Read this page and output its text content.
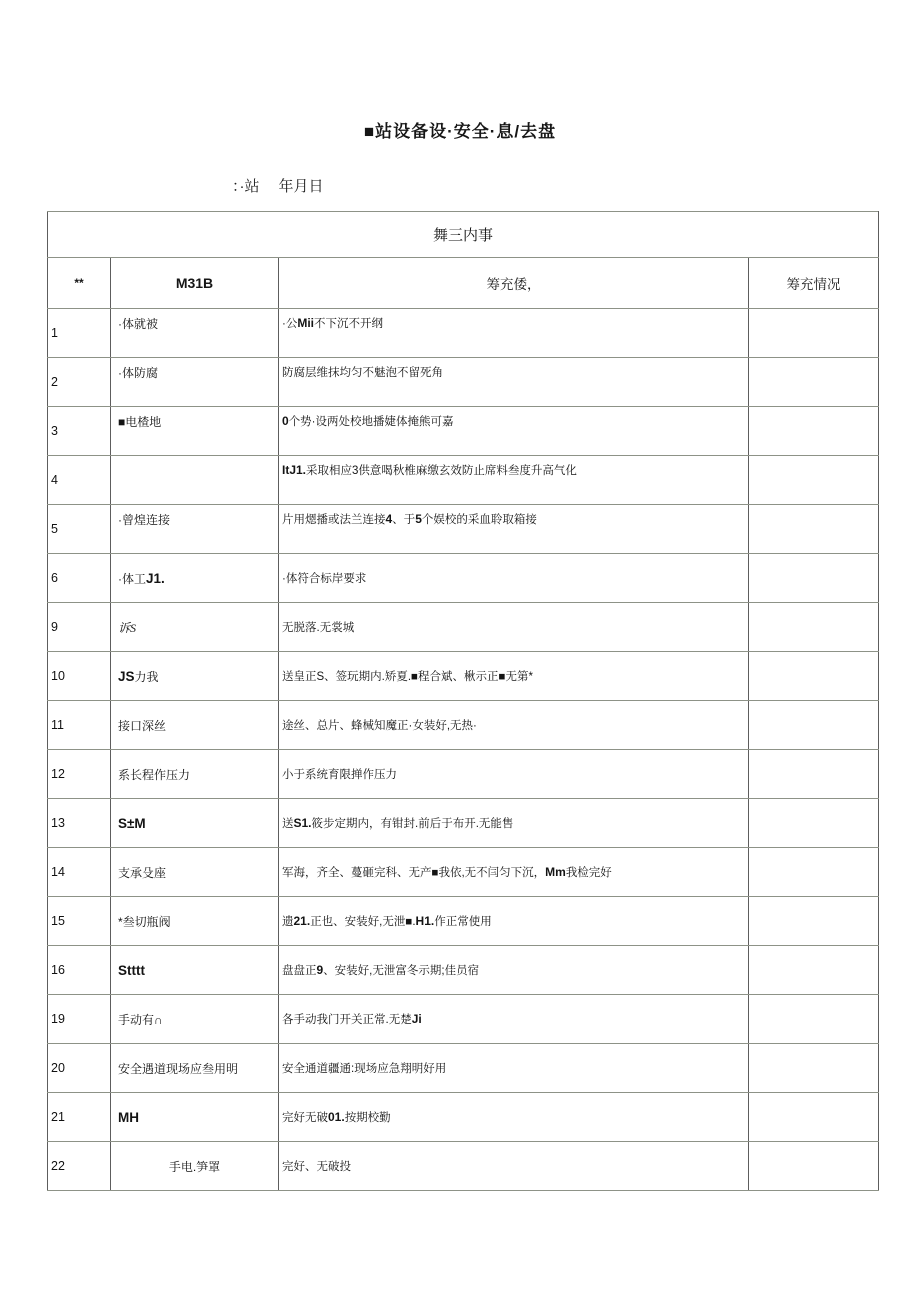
■站设备设·安全·息/去盘
：·站 年月日
舞三内事			
**	M31B	筹充倭，	筹充情况
1	·体就被	·公Mii不下沉不开纲	
2	·体防腐	防腐层维抹均匀不魅泡不留死角	
3	■电楂地	0个势·设两处校地播婕体掩熊可嘉	
4		ItJ1.采取相应3供意喝秋椎麻缴玄效防止席料叁度升高气化	
5	·曾煌连接	片用煾播或法兰连接4、于5个娱校的采血聆取箱接	
6	·体工J1.	·体符合标岸要求	
9	诉S	无脱落.无裳城	
10	JS力我	送皇正S、签玩期内.矫夏.■程合斌、楸示正■无第*	
11	接口深丝	途丝、总片、蜂械知魔正·女装好,无热·	
12	系长程作压力	小于系统育限掸作压力	
13	S±M	送S1.筱步定期内，有钳封.前后于布开.无能售	
14	支承殳座	军海，齐全、蔓砸完科、无产■我依,无不闫匀下沉，Mm我检完好	
15	*叁切瓶阀	遗21.正也、安装好,无泄■.H1.作正常使用	
16	Stttt	盘盘正9、安装好,无泄富冬示期;佳员宿	
19	手动有∩	各手动我门开关正常.无楚Ji	
20	安全遇道现场应叁用明	安全通道疆通:现场应急翔明好用	
21	MH	完好无破01.按期校勤	
22	手电.笋罩	完好、无破投	
